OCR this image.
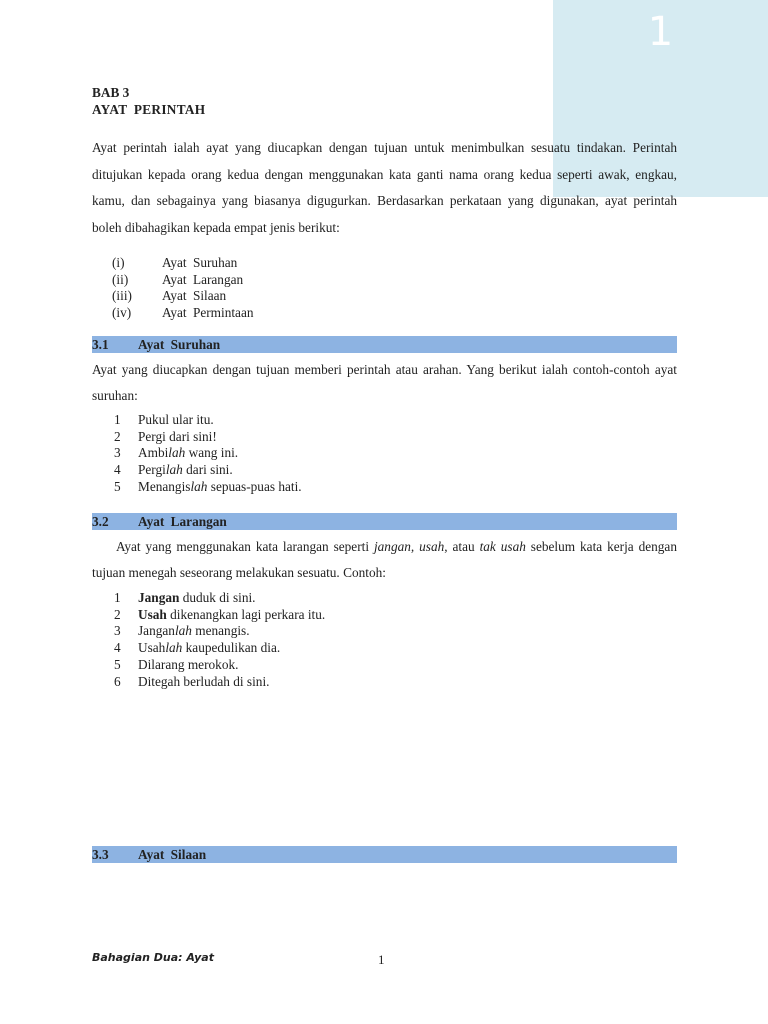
1
BAB 3
AYAT PERINTAH

Ayat perintah ialah ayat yang diucapkan dengan tujuan untuk menimbulkan sesuatu tindakan. Perintah ditujukan kepada orang kedua dengan menggunakan kata ganti nama orang kedua seperti awak, engkau, kamu, dan sebagainya yang biasanya digugurkan. Berdasarkan perkataan yang digunakan, ayat perintah boleh dibahagikan kepada empat jenis berikut:

(i)	Ayat Suruhan
(ii)	Ayat Larangan
(iii)	Ayat Silaan
(iv)	Ayat Permintaan
3.1	Ayat Suruhan

Ayat yang diucapkan dengan tujuan memberi perintah atau arahan. Yang berikut ialah contoh-contoh ayat suruhan:

1	Pukul ular itu.
2	Pergi dari sini!
3	Ambilah wang ini.
4	Pergilah dari sini.
5	Menangislah sepuas-puas hati.
3.2	Ayat Larangan

Ayat yang menggunakan kata larangan seperti jangan, usah, atau tak usah sebelum kata kerja dengan tujuan menegah seseorang melakukan sesuatu. Contoh:

1	Jangan duduk di sini.
2	Usah dikenangkan lagi perkara itu.
3	Janganlah menangis.
4	Usahlah kaupedulikan dia.
5	Dilarang merokok.
6	Ditegah berludah di sini.
3.3	Ayat Silaan
Bahagian Dua: Ayat	1
